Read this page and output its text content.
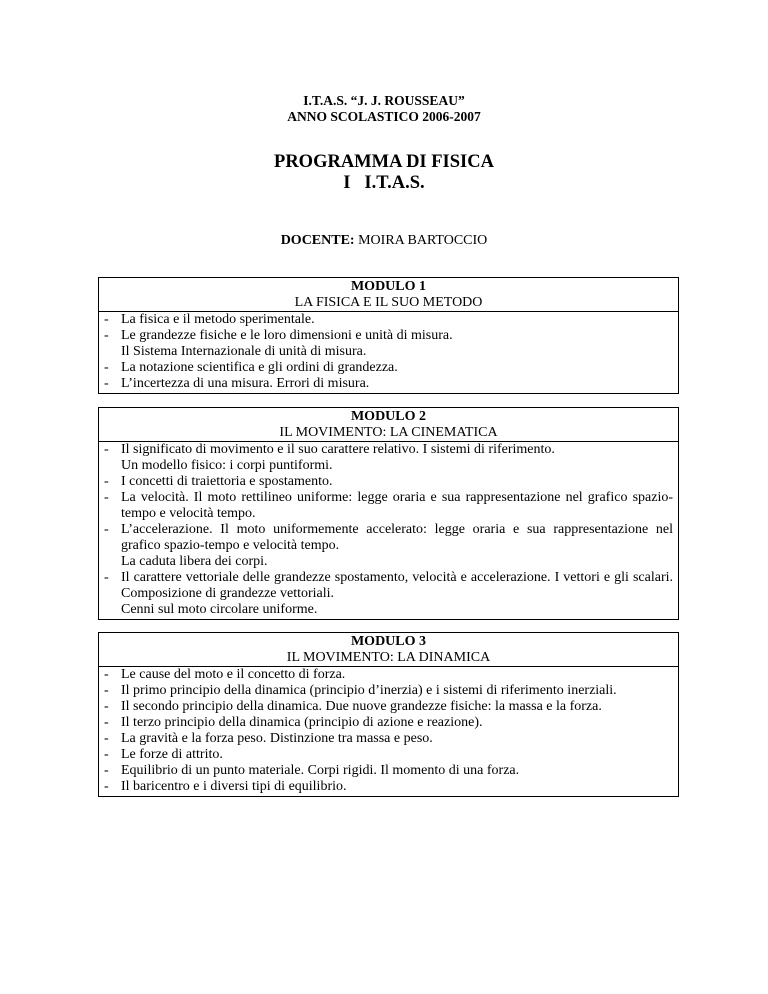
I.T.A.S. “J. J. ROUSSEAU”
ANNO SCOLASTICO 2006-2007
PROGRAMMA DI FISICA
I   I.T.A.S.
DOCENTE: MOIRA BARTOCCIO
MODULO 1
LA FISICA E IL SUO METODO
- La fisica e il metodo sperimentale.
- Le grandezze fisiche e le loro dimensioni e unità di misura.
Il Sistema Internazionale di unità di misura.
- La notazione scientifica e gli ordini di grandezza.
- L’incertezza di una misura. Errori di misura.
MODULO 2
IL MOVIMENTO: LA CINEMATICA
- Il significato di movimento e il suo carattere relativo. I sistemi di riferimento.
Un modello fisico: i corpi puntiformi.
- I concetti di traiettoria e spostamento.
- La velocità. Il moto rettilineo uniforme: legge oraria e sua rappresentazione nel grafico spazio-tempo e velocità tempo.
- L’accelerazione. Il moto uniformemente accelerato: legge oraria e sua rappresentazione nel grafico spazio-tempo e velocità tempo.
La caduta libera dei corpi.
- Il carattere vettoriale delle grandezze spostamento, velocità e accelerazione. I vettori e gli scalari. Composizione di grandezze vettoriali.
Cenni sul moto circolare uniforme.
MODULO 3
IL MOVIMENTO: LA DINAMICA
- Le cause del moto e il concetto di forza.
- Il primo principio della dinamica (principio d’inerzia) e i sistemi di riferimento inerziali.
- Il secondo principio della dinamica. Due nuove grandezze fisiche: la massa e la forza.
- Il terzo principio della dinamica (principio di azione e reazione).
- La gravità e la forza peso. Distinzione tra massa e peso.
- Le forze di attrito.
- Equilibrio di un punto materiale. Corpi rigidi. Il momento di una forza.
- Il baricentro e i diversi tipi di equilibrio.
